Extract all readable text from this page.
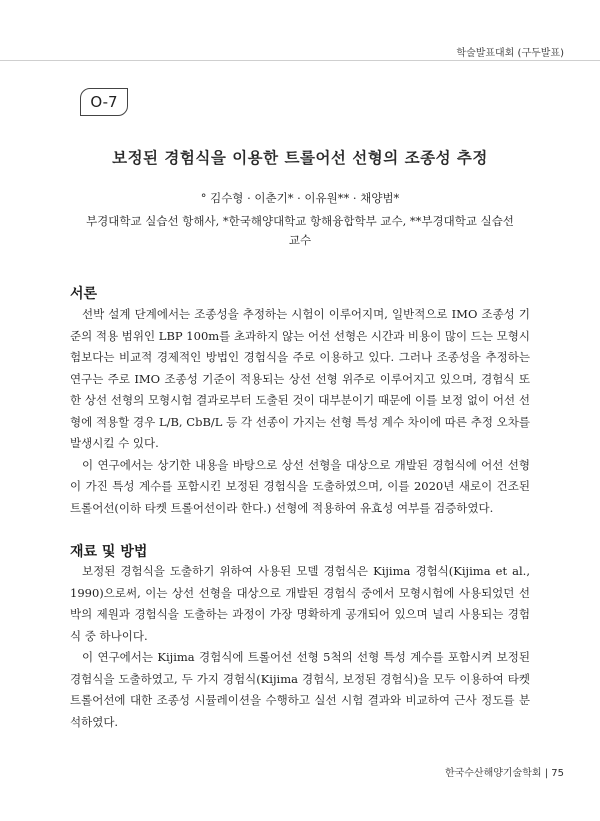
학술발표대회 (구두발표)
O-7
보정된 경험식을 이용한 트롤어선 선형의 조종성 추정
° 김수형 · 이춘기* · 이유원** · 채양범*
부경대학교 실습선 항해사, *한국해양대학교 항해융합학부 교수, **부경대학교 실습선
교수
서론

선박 설계 단계에서는 조종성을 추정하는 시험이 이루어지며, 일반적으로 IMO 조종성 기준의 적용 범위인 LBP 100m를 초과하지 않는 어선 선형은 시간과 비용이 많이 드는 모형시험보다는 비교적 경제적인 방법인 경험식을 주로 이용하고 있다. 그러나 조종성을 추정하는 연구는 주로 IMO 조종성 기준이 적용되는 상선 선형 위주로 이루어지고 있으며, 경험식 또한 상선 선형의 모형시험 결과로부터 도출된 것이 대부분이기 때문에 이를 보정 없이 어선 선형에 적용할 경우 L/B, CbB/L 등 각 선종이 가지는 선형 특성 계수 차이에 따른 추정 오차를 발생시킬 수 있다.

이 연구에서는 상기한 내용을 바탕으로 상선 선형을 대상으로 개발된 경험식에 어선 선형이 가진 특성 계수를 포함시킨 보정된 경험식을 도출하였으며, 이를 2020년 새로이 건조된 트롤어선(이하 타켓 트롤어선이라 한다.) 선형에 적용하여 유효성 여부를 검증하였다.

재료 및 방법

보정된 경험식을 도출하기 위하여 사용된 모델 경험식은 Kijima 경험식(Kijima et al., 1990)으로써, 이는 상선 선형을 대상으로 개발된 경험식 중에서 모형시험에 사용되었던 선박의 제원과 경험식을 도출하는 과정이 가장 명확하게 공개되어 있으며 널리 사용되는 경험식 중 하나이다.

이 연구에서는 Kijima 경험식에 트롤어선 선형 5척의 선형 특성 계수를 포함시켜 보정된 경험식을 도출하였고, 두 가지 경험식(Kijima 경험식, 보정된 경험식)을 모두 이용하여 타켓 트롤어선에 대한 조종성 시뮬레이션을 수행하고 실선 시험 결과와 비교하여 근사 정도를 분석하였다.

한국수산해양기술학회 | 75
